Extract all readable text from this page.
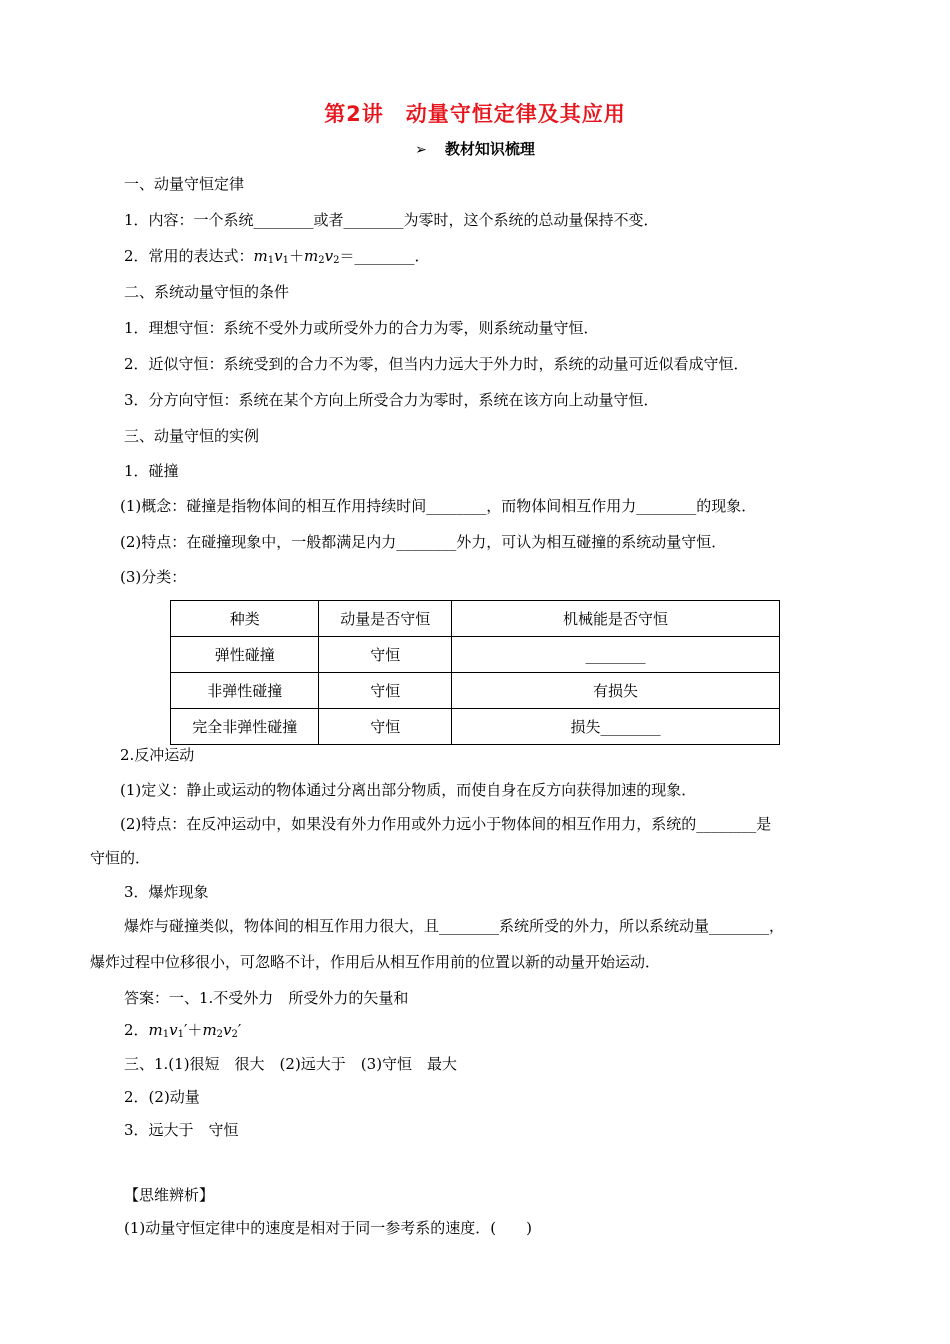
第2讲　动量守恒定律及其应用
➢ 教材知识梳理
一、动量守恒定律
1．内容：一个系统________或者________为零时，这个系统的总动量保持不变．
2．常用的表达式：$m_1v_1+m_2v_2=\_\_\_\_\_\_\_\_$．
二、系统动量守恒的条件
1．理想守恒：系统不受外力或所受外力的合力为零，则系统动量守恒．
2．近似守恒：系统受到的合力不为零，但当内力远大于外力时，系统的动量可近似看成守恒．
3．分方向守恒：系统在某个方向上所受合力为零时，系统在该方向上动量守恒．
三、动量守恒的实例
1．碰撞
(1)概念：碰撞是指物体间的相互作用持续时间________，而物体间相互作用力________的现象．
(2)特点：在碰撞现象中，一般都满足内力________外力，可认为相互碰撞的系统动量守恒．
(3)分类：
种类	动量是否守恒	机械能是否守恒
弹性碰撞	守恒	________
非弹性碰撞	守恒	有损失
完全非弹性碰撞	守恒	损失________
2.反冲运动
(1)定义：静止或运动的物体通过分离出部分物质，而使自身在反方向获得加速的现象．
(2)特点：在反冲运动中，如果没有外力作用或外力远小于物体间的相互作用力，系统的________是
守恒的．
3．爆炸现象
爆炸与碰撞类似，物体间的相互作用力很大，且________系统所受的外力，所以系统动量________，
爆炸过程中位移很小，可忽略不计，作用后从相互作用前的位置以新的动量开始运动．
答案：一、1.不受外力　所受外力的矢量和
2．$m_1v_1'+m_2v_2'$
三、1.(1)很短　很大　(2)远大于　(3)守恒　最大
2．(2)动量
3．远大于　守恒
【思维辨析】
(1)动量守恒定律中的速度是相对于同一参考系的速度．(　　)
